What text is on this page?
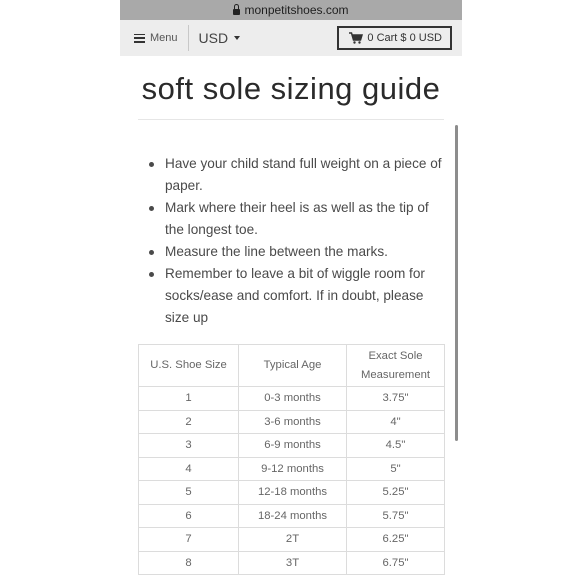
monpetitshoes.com
Menu USD	0 Cart $ 0 USD
soft sole sizing guide
Have your child stand full weight on a piece of paper.
Mark where their heel is as well as the tip of the longest toe.
Measure the line between the marks.
Remember to leave a bit of wiggle room for socks/ease and comfort. If in doubt, please size up
U.S. Shoe Size	Typical Age	Exact Sole Measurement
1	0-3 months	3.75"
2	3-6 months	4"
3	6-9 months	4.5"
4	9-12 months	5"
5	12-18 months	5.25"
6	18-24 months	5.75"
7	2T	6.25"
8	3T	6.75"
